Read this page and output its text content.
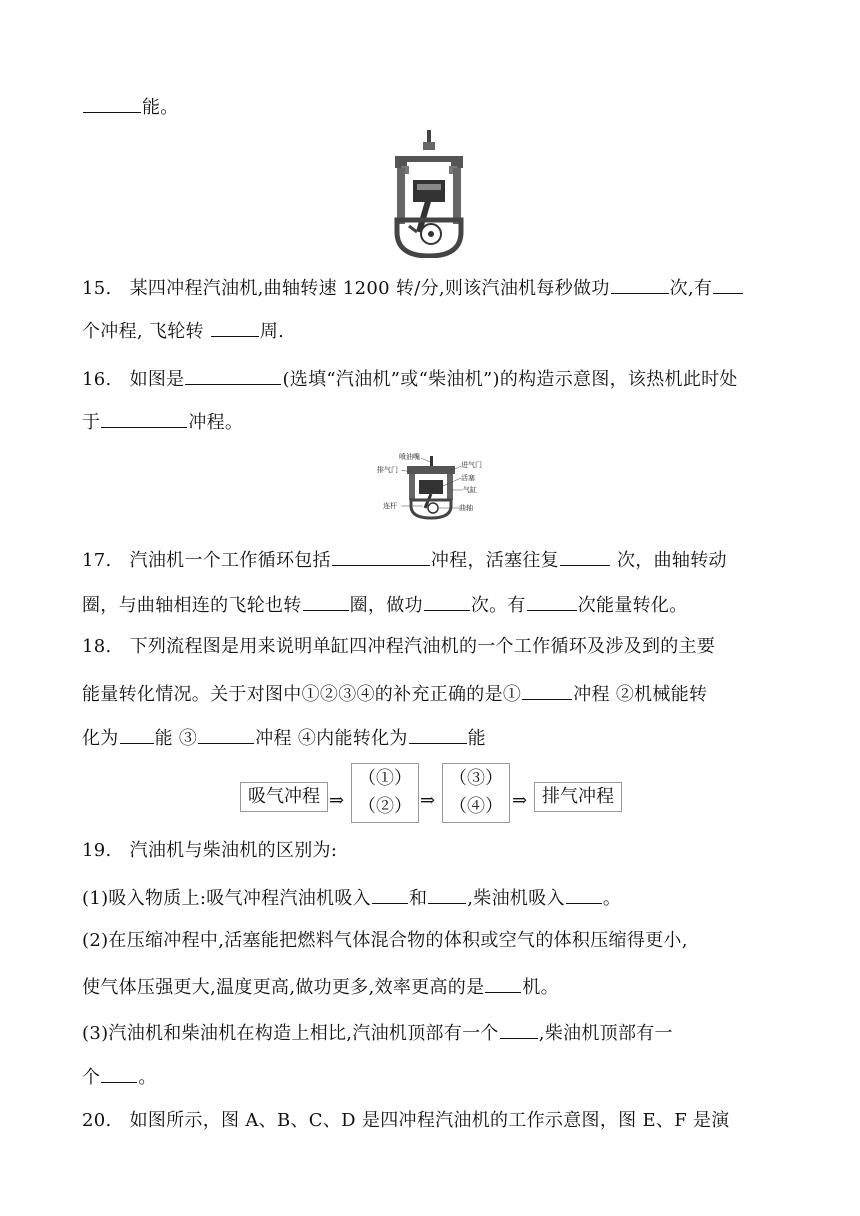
能。
15. 某四冲程汽油机,曲轴转速 1200 转/分,则该汽油机每秒做功	次,有
个冲程, 飞轮转	周.
16. 如图是	(选填“汽油机”或“柴油机”)的构造示意图，该热机此时处
于	冲程。
喷油嘴
排气门
进气门
活塞
气缸
连杆	曲轴
17. 汽油机一个工作循环包括	冲程，活塞往复	次，曲轴转动
圈，与曲轴相连的飞轮也转	圈，做功	次。有	次能量转化。
18. 下列流程图是用来说明单缸四冲程汽油机的一个工作循环及涉及到的主要
能量转化情况。关于对图中①②③④的补充正确的是①	冲程 ②机械能转
化为 能 ③	冲程 ④内能转化为	能
吸气冲程 ⇒
（①）
（②） ⇒
（③）
（④） ⇒ 排气冲程
19. 汽油机与柴油机的区别为:
(1)吸入物质上:吸气冲程汽油机吸入 和 ,柴油机吸入 。
(2)在压缩冲程中,活塞能把燃料气体混合物的体积或空气的体积压缩得更小,
使气体压强更大,温度更高,做功更多,效率更高的是 机。
(3)汽油机和柴油机在构造上相比,汽油机顶部有一个 ,柴油机顶部有一
个 。
20. 如图所示，图 A、B、C、D 是四冲程汽油机的工作示意图，图 E、F 是演
